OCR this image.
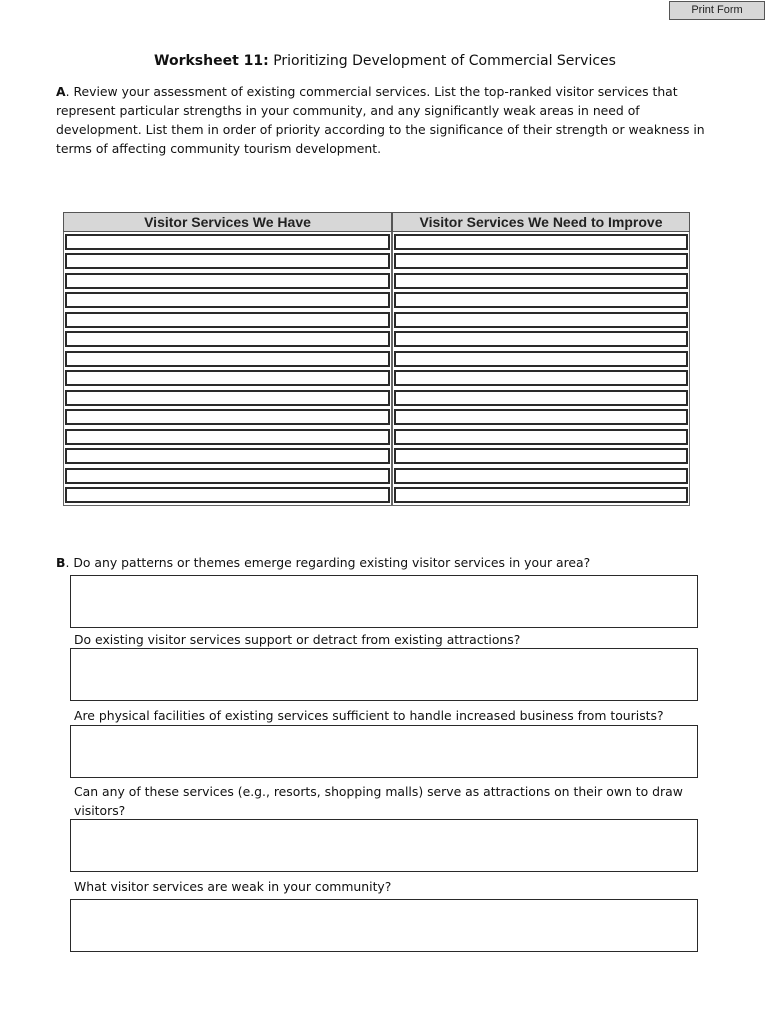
Print Form
Worksheet 11: Prioritizing Development of Commercial Services
A. Review your assessment of existing commercial services. List the top-ranked visitor services that represent particular strengths in your community, and any significantly weak areas in need of development. List them in order of priority according to the significance of their strength or weakness in terms of affecting community tourism development.
Visitor Services We Have	Visitor Services We Need to Improve

B. Do any patterns or themes emerge regarding existing visitor services in your area?
Do existing visitor services support or detract from existing attractions?
Are physical facilities of existing services sufficient to handle increased business from tourists?
Can any of these services (e.g., resorts, shopping malls) serve as attractions on their own to draw visitors?
What visitor services are weak in your community?
